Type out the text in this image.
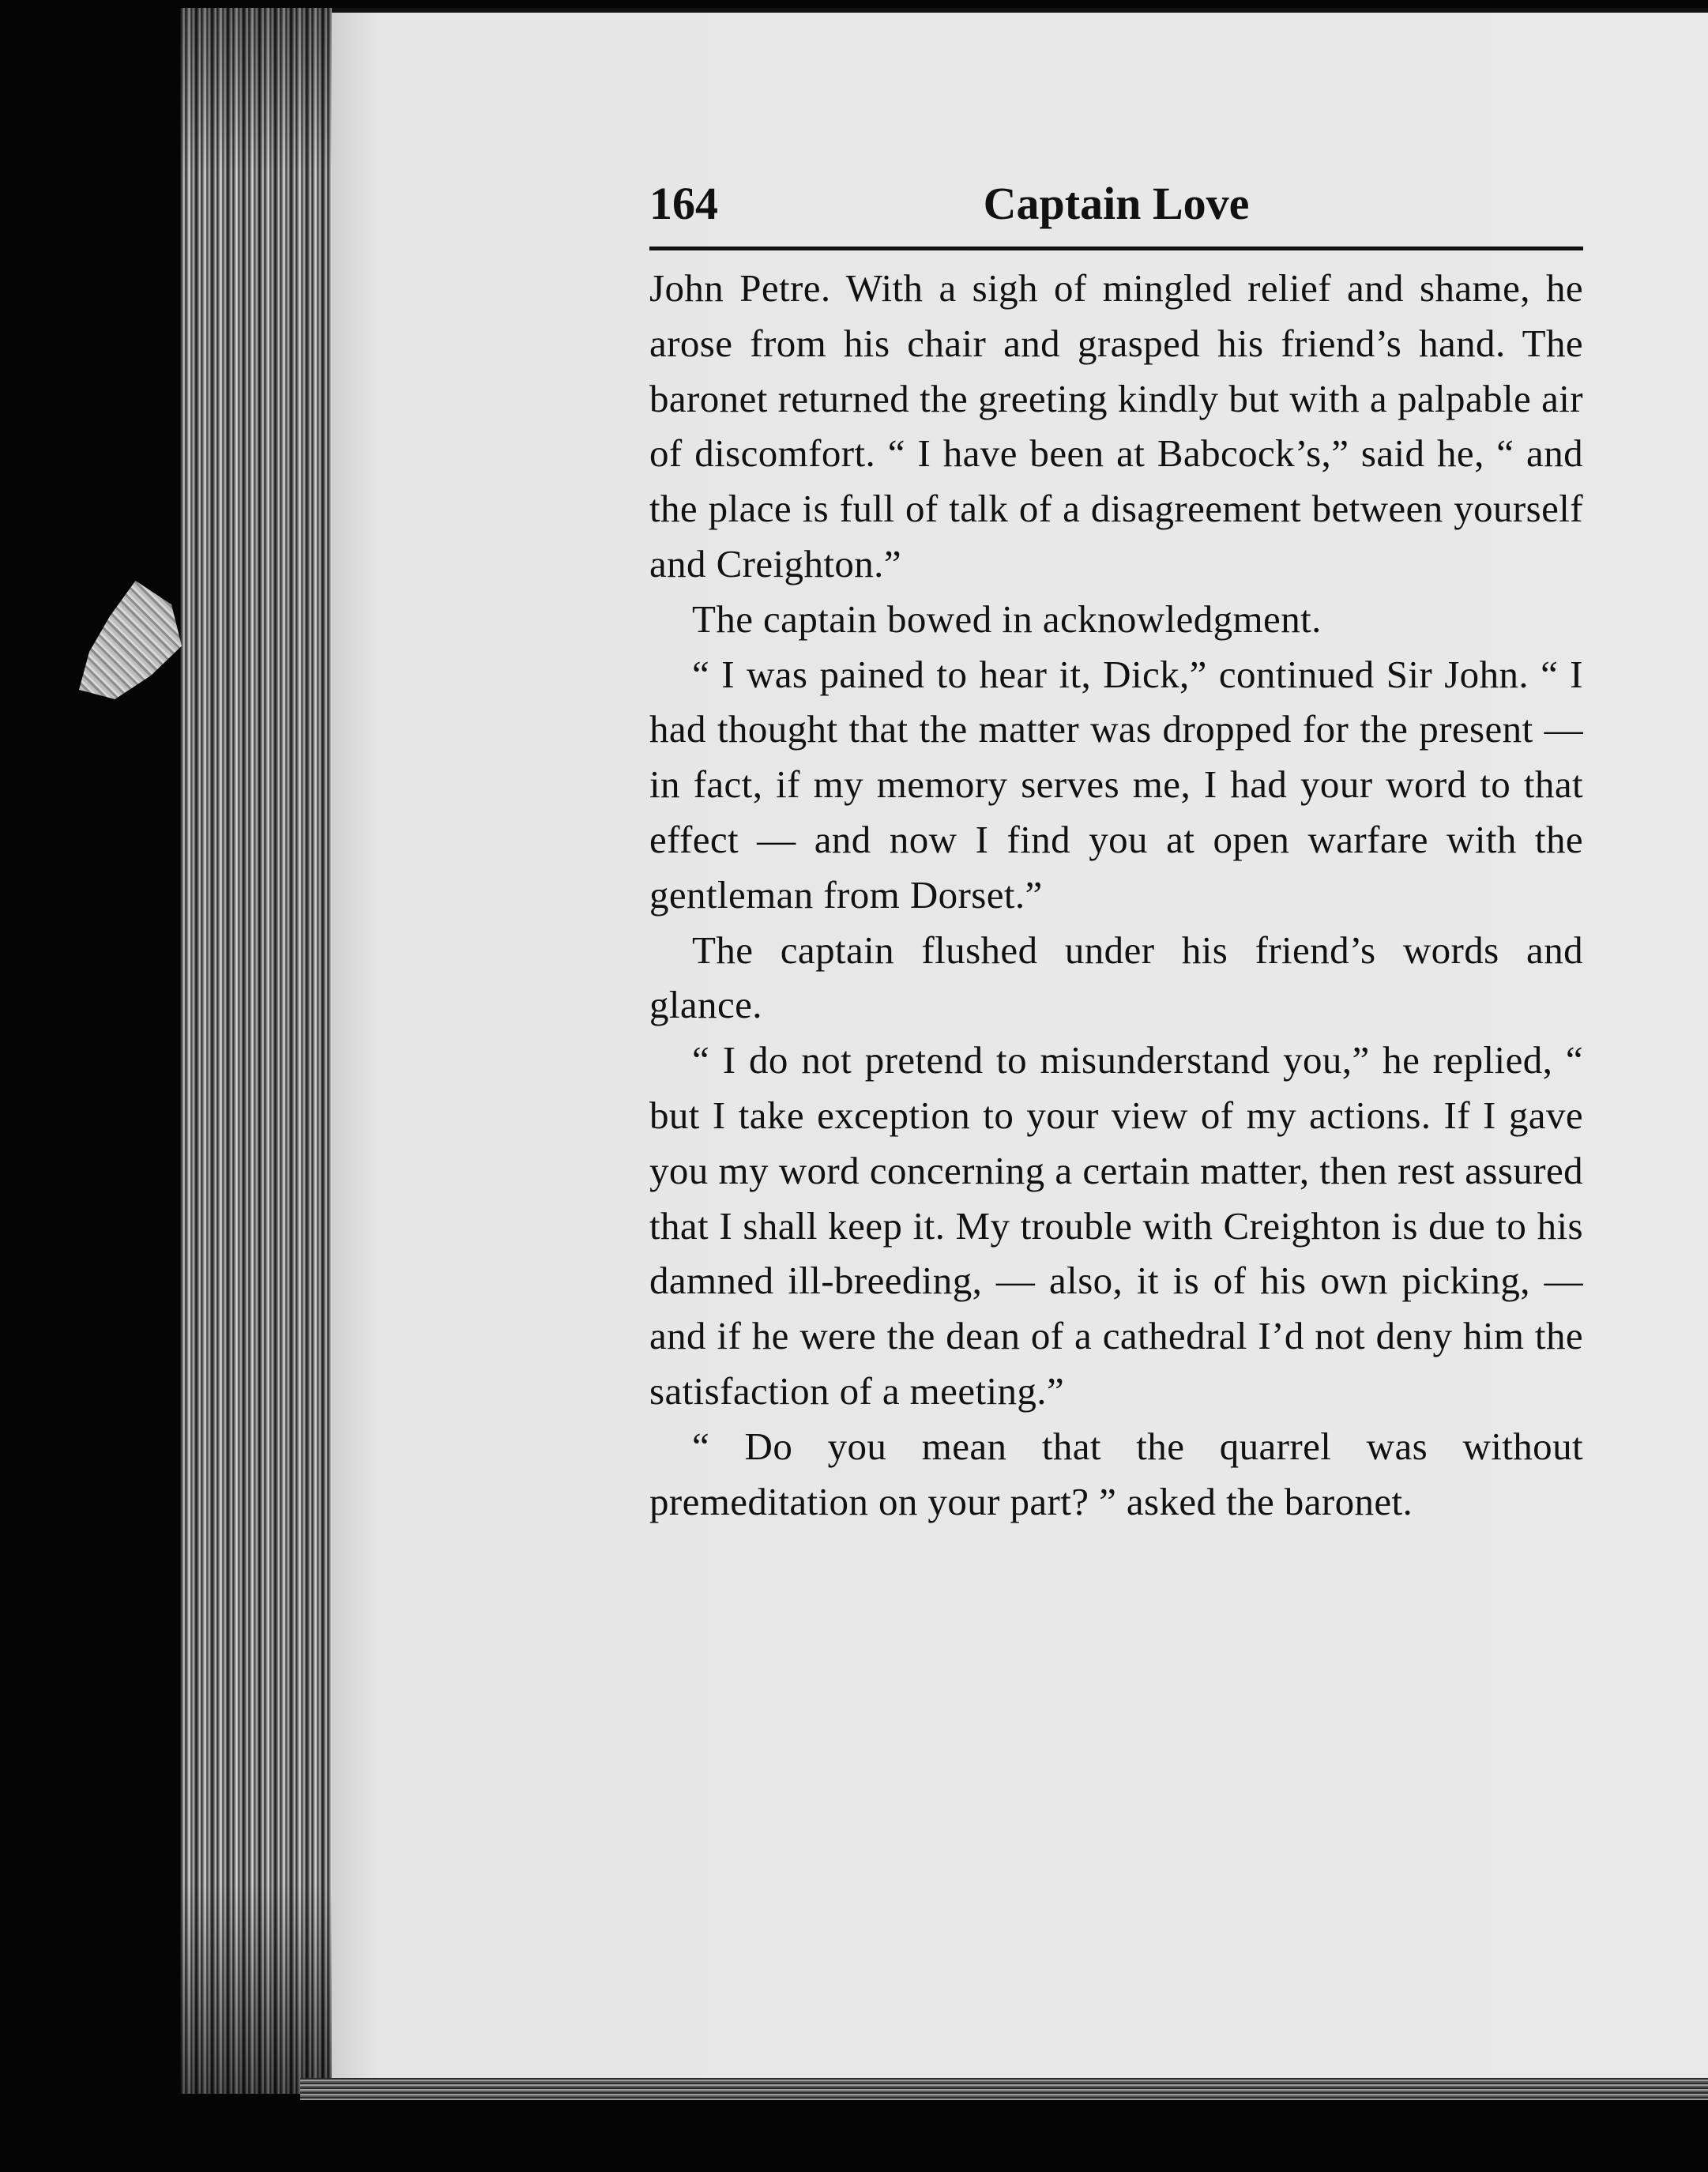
164	Captain Love

John Petre. With a sigh of mingled relief and shame, he arose from his chair and grasped his friend’s hand. The baronet returned the greeting kindly but with a palpable air of discomfort. “ I have been at Babcock’s,” said he, “ and the place is full of talk of a disagreement between yourself and Creighton.”

The captain bowed in acknowledgment.

“ I was pained to hear it, Dick,” continued Sir John. “ I had thought that the matter was dropped for the present — in fact, if my memory serves me, I had your word to that effect — and now I find you at open warfare with the gentleman from Dorset.”

The captain flushed under his friend’s words and glance.

“ I do not pretend to misunderstand you,” he replied, “ but I take exception to your view of my actions. If I gave you my word concerning a certain matter, then rest assured that I shall keep it. My trouble with Creighton is due to his damned ill-breeding, — also, it is of his own picking, — and if he were the dean of a cathedral I’d not deny him the satisfaction of a meeting.”

“ Do you mean that the quarrel was without premeditation on your part? ” asked the baronet.
